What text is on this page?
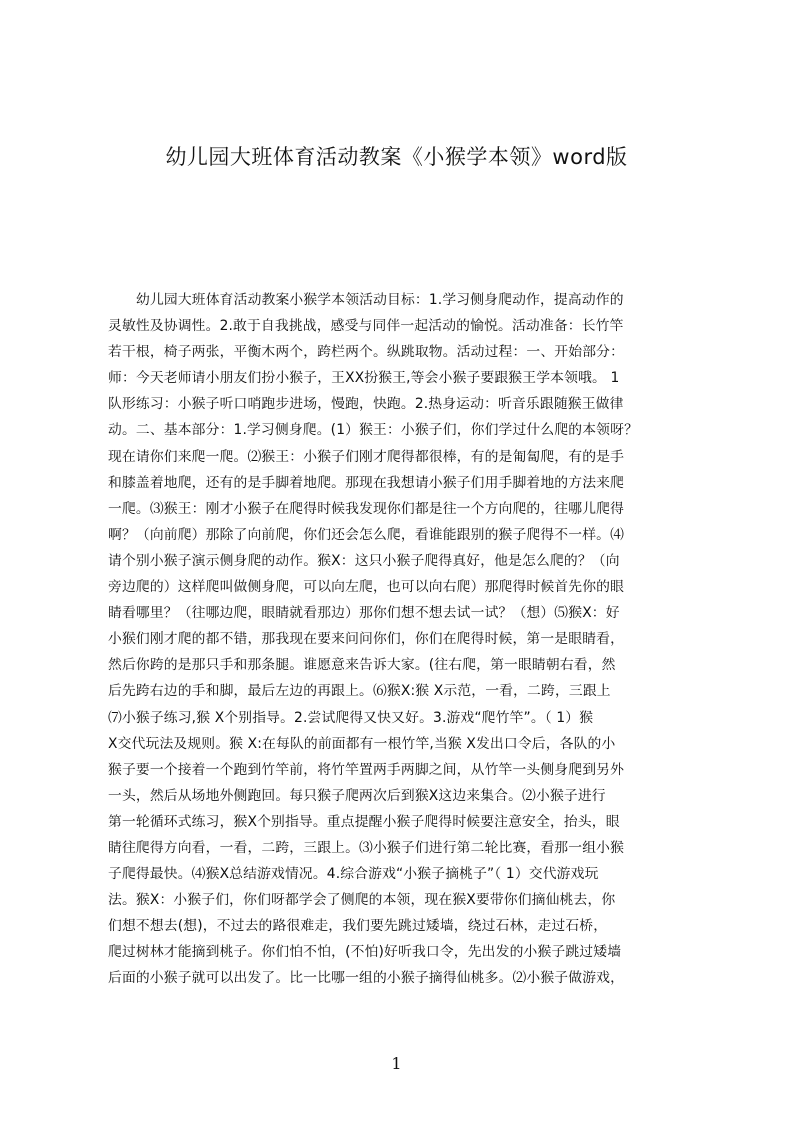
幼儿园大班体育活动教案《小猴学本领》word版
幼儿园大班体育活动教案小猴学本领活动目标：1.学习侧身爬动作，提高动作的
灵敏性及协调性。2.敢于自我挑战，感受与同伴一起活动的愉悦。活动准备：长竹竿
若干根，椅子两张，平衡木两个，跨栏两个。纵跳取物。活动过程：一、开始部分：
师：今天老师请小朋友们扮小猴子，王XX扮猴王,等会小猴子要跟猴王学本领哦。 1
队形练习：小猴子听口哨跑步进场，慢跑，快跑。2.热身运动：听音乐跟随猴王做律
动。二、基本部分：1.学习侧身爬。(1）猴王：小猴子们，你们学过什么爬的本领呀？
现在请你们来爬一爬。⑵猴王：小猴子们刚才爬得都很棒，有的是匍匐爬，有的是手
和膝盖着地爬，还有的是手脚着地爬。那现在我想请小猴子们用手脚着地的方法来爬
一爬。⑶猴王：刚才小猴子在爬得时候我发现你们都是往一个方向爬的，往哪儿爬得
啊？（向前爬）那除了向前爬，你们还会怎么爬，看谁能跟别的猴子爬得不一样。⑷
请个别小猴子演示侧身爬的动作。猴X：这只小猴子爬得真好，他是怎么爬的？（向
旁边爬的）这样爬叫做侧身爬，可以向左爬，也可以向右爬）那爬得时候首先你的眼
睛看哪里？（往哪边爬，眼睛就看那边）那你们想不想去试一试？（想）⑸猴X：好
小猴们刚才爬的都不错，那我现在要来问问你们，你们在爬得时候，第一是眼睛看，
然后你跨的是那只手和那条腿。谁愿意来告诉大家。(往右爬，第一眼睛朝右看，然
后先跨右边的手和脚，最后左边的再跟上。⑹猴X:猴 X示范，一看，二跨，三跟上
⑺小猴子练习,猴 X个别指导。2.尝试爬得又快又好。3.游戏“爬竹竿”。（ 1）猴
X交代玩法及规则。猴 X:在每队的前面都有一根竹竿,当猴 X发出口令后，各队的小
猴子要一个接着一个跑到竹竿前，将竹竿置两手两脚之间，从竹竿一头侧身爬到另外
一头，然后从场地外侧跑回。每只猴子爬两次后到猴X这边来集合。⑵小猴子进行
第一轮循环式练习，猴X个别指导。重点提醒小猴子爬得时候要注意安全，抬头，眼
睛往爬得方向看，一看，二跨，三跟上。⑶小猴子们进行第二轮比赛，看那一组小猴
子爬得最快。⑷猴X总结游戏情况。4.综合游戏“小猴子摘桃子”（ 1）交代游戏玩
法。猴X：小猴子们，你们呀都学会了侧爬的本领，现在猴X要带你们摘仙桃去，你
们想不想去(想)，不过去的路很难走，我们要先跳过矮墙，绕过石林，走过石桥，
爬过树林才能摘到桃子。你们怕不怕，(不怕)好听我口令，先出发的小猴子跳过矮墙
后面的小猴子就可以出发了。比一比哪一组的小猴子摘得仙桃多。⑵小猴子做游戏，
1
